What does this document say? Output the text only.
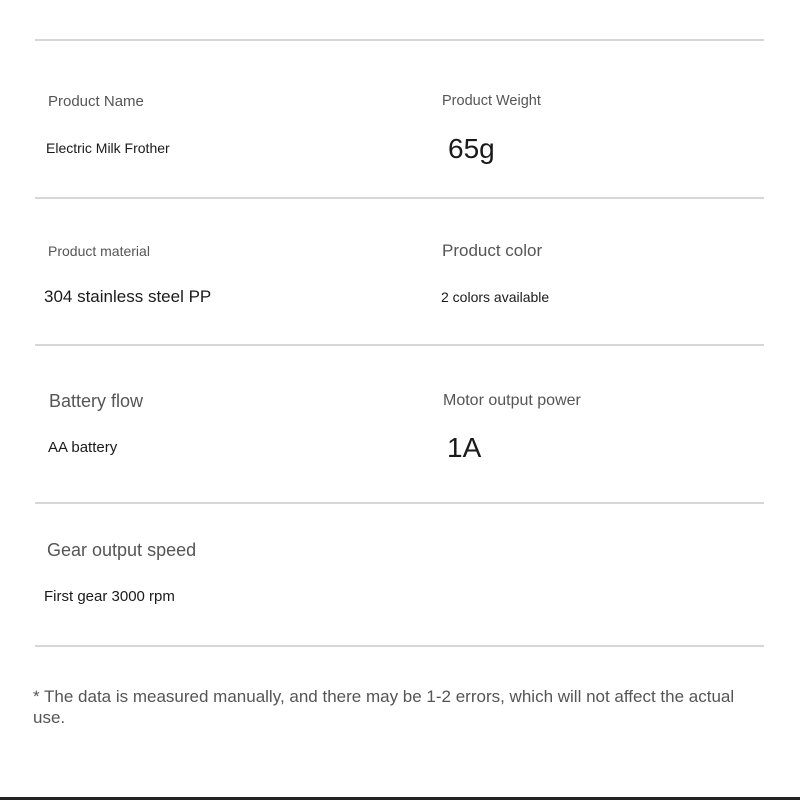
Product Name
Electric Milk Frother
Product Weight
65g
Product material
304 stainless steel PP
Product color
2 colors available
Battery flow
AA battery
Motor output power
1A
Gear output speed
First gear 3000 rpm
* The data is measured manually, and there may be 1-2 errors, which will not affect the actual use.
